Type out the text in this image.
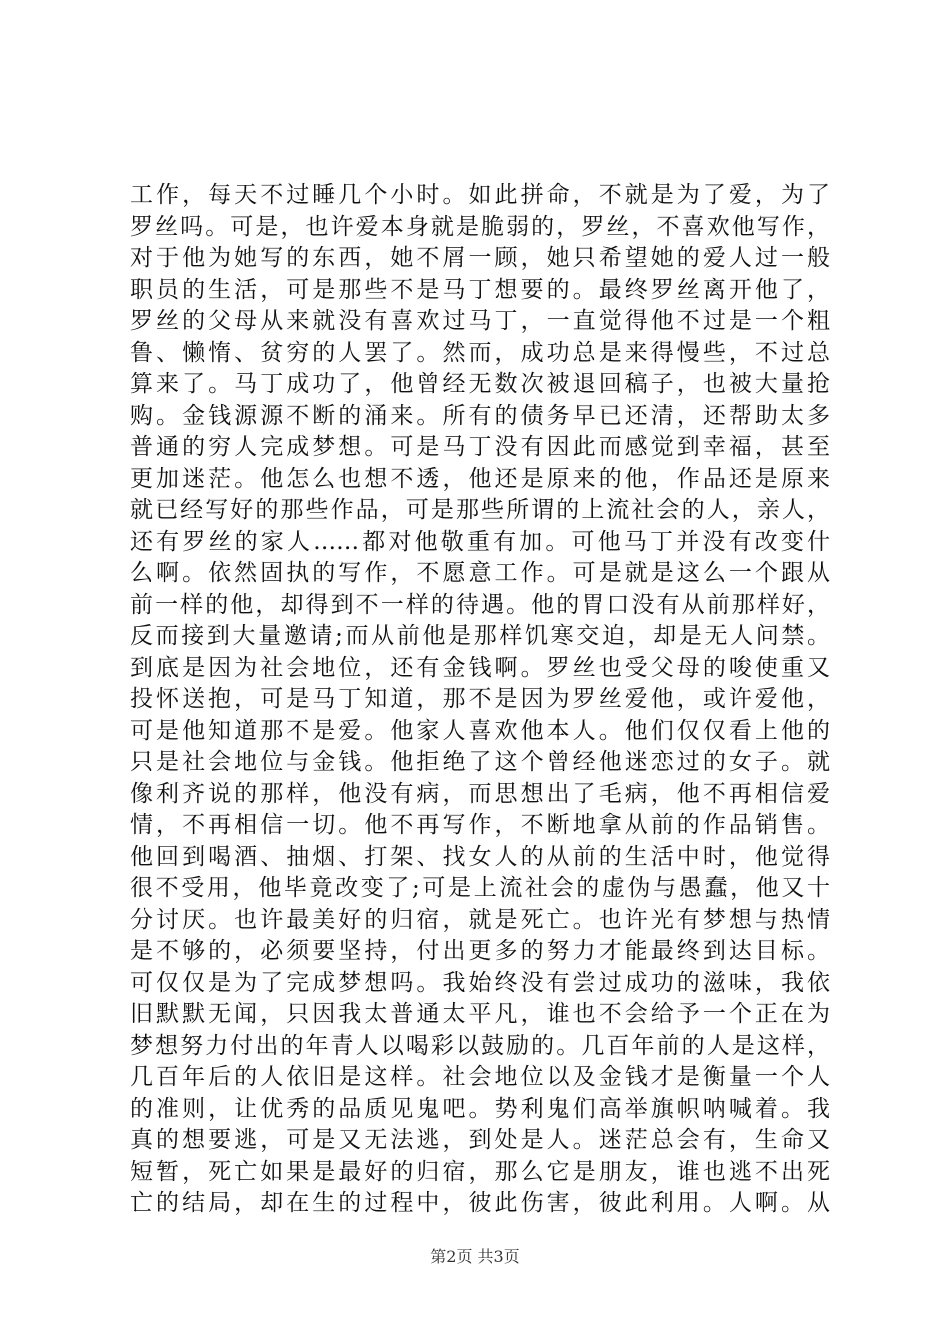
工作，每天不过睡几个小时。如此拼命，不就是为了爱，为了
罗丝吗。可是，也许爱本身就是脆弱的，罗丝，不喜欢他写作，
对于他为她写的东西，她不屑一顾，她只希望她的爱人过一般
职员的生活，可是那些不是马丁想要的。最终罗丝离开他了，
罗丝的父母从来就没有喜欢过马丁，一直觉得他不过是一个粗
鲁、懒惰、贫穷的人罢了。然而，成功总是来得慢些，不过总
算来了。马丁成功了，他曾经无数次被退回稿子，也被大量抢
购。金钱源源不断的涌来。所有的债务早已还清，还帮助太多
普通的穷人完成梦想。可是马丁没有因此而感觉到幸福，甚至
更加迷茫。他怎么也想不透，他还是原来的他，作品还是原来
就已经写好的那些作品，可是那些所谓的上流社会的人，亲人，
还有罗丝的家人……都对他敬重有加。可他马丁并没有改变什
么啊。依然固执的写作，不愿意工作。可是就是这么一个跟从
前一样的他，却得到不一样的待遇。他的胃口没有从前那样好，
反而接到大量邀请;而从前他是那样饥寒交迫，却是无人问禁。
到底是因为社会地位，还有金钱啊。罗丝也受父母的唆使重又
投怀送抱，可是马丁知道，那不是因为罗丝爱他，或许爱他，
可是他知道那不是爱。他家人喜欢他本人。他们仅仅看上他的
只是社会地位与金钱。他拒绝了这个曾经他迷恋过的女子。就
像利齐说的那样，他没有病，而思想出了毛病，他不再相信爱
情，不再相信一切。他不再写作，不断地拿从前的作品销售。
他回到喝酒、抽烟、打架、找女人的从前的生活中时，他觉得
很不受用，他毕竟改变了;可是上流社会的虚伪与愚蠢，他又十
分讨厌。也许最美好的归宿，就是死亡。也许光有梦想与热情
是不够的，必须要坚持，付出更多的努力才能最终到达目标。
可仅仅是为了完成梦想吗。我始终没有尝过成功的滋味，我依
旧默默无闻，只因我太普通太平凡，谁也不会给予一个正在为
梦想努力付出的年青人以喝彩以鼓励的。几百年前的人是这样，
几百年后的人依旧是这样。社会地位以及金钱才是衡量一个人
的准则，让优秀的品质见鬼吧。势利鬼们高举旗帜呐喊着。我
真的想要逃，可是又无法逃，到处是人。迷茫总会有，生命又
短暂，死亡如果是最好的归宿，那么它是朋友，谁也逃不出死
亡的结局，却在生的过程中，彼此伤害，彼此利用。人啊。从
第2页 共3页
